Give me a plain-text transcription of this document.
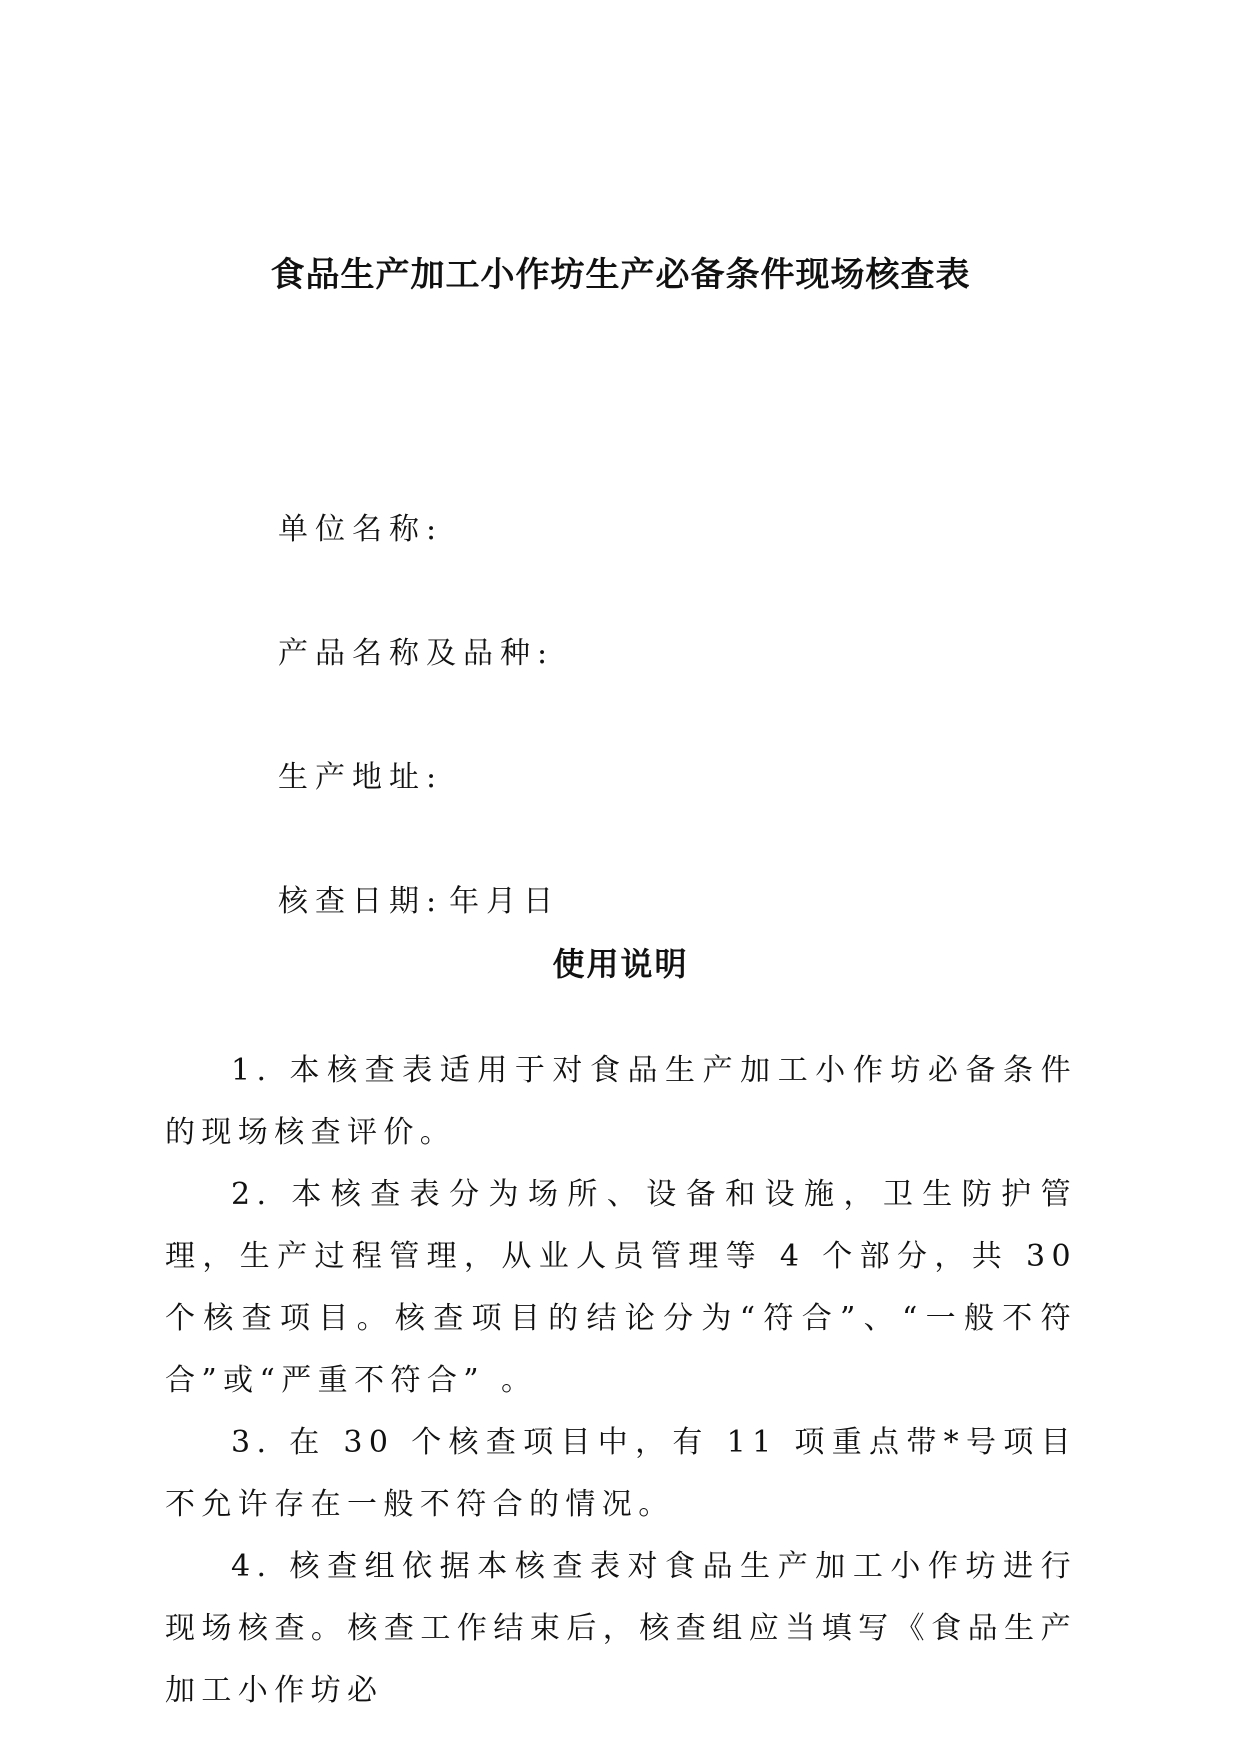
食品生产加工小作坊生产必备条件现场核查表

单位名称:

产品名称及品种:

生产地址:

核查日期: 年月日

使用说明
1. 本核查表适用于对食品生产加工小作坊必备条件的现场核查评价。
2. 本核查表分为场所、设备和设施，卫生防护管理，生产过程管理，从业人员管理等 4 个部分，共 30 个核查项目。核查项目的结论分为“符合”、“一般不符合”或“严重不符合” 。
3. 在 30 个核查项目中，有 11 项重点带*号项目不允许存在一般不符合的情况。
4. 核查组依据本核查表对食品生产加工小作坊进行现场核查。核查工作结束后，核查组应当填写《食品生产加工小作坊必
